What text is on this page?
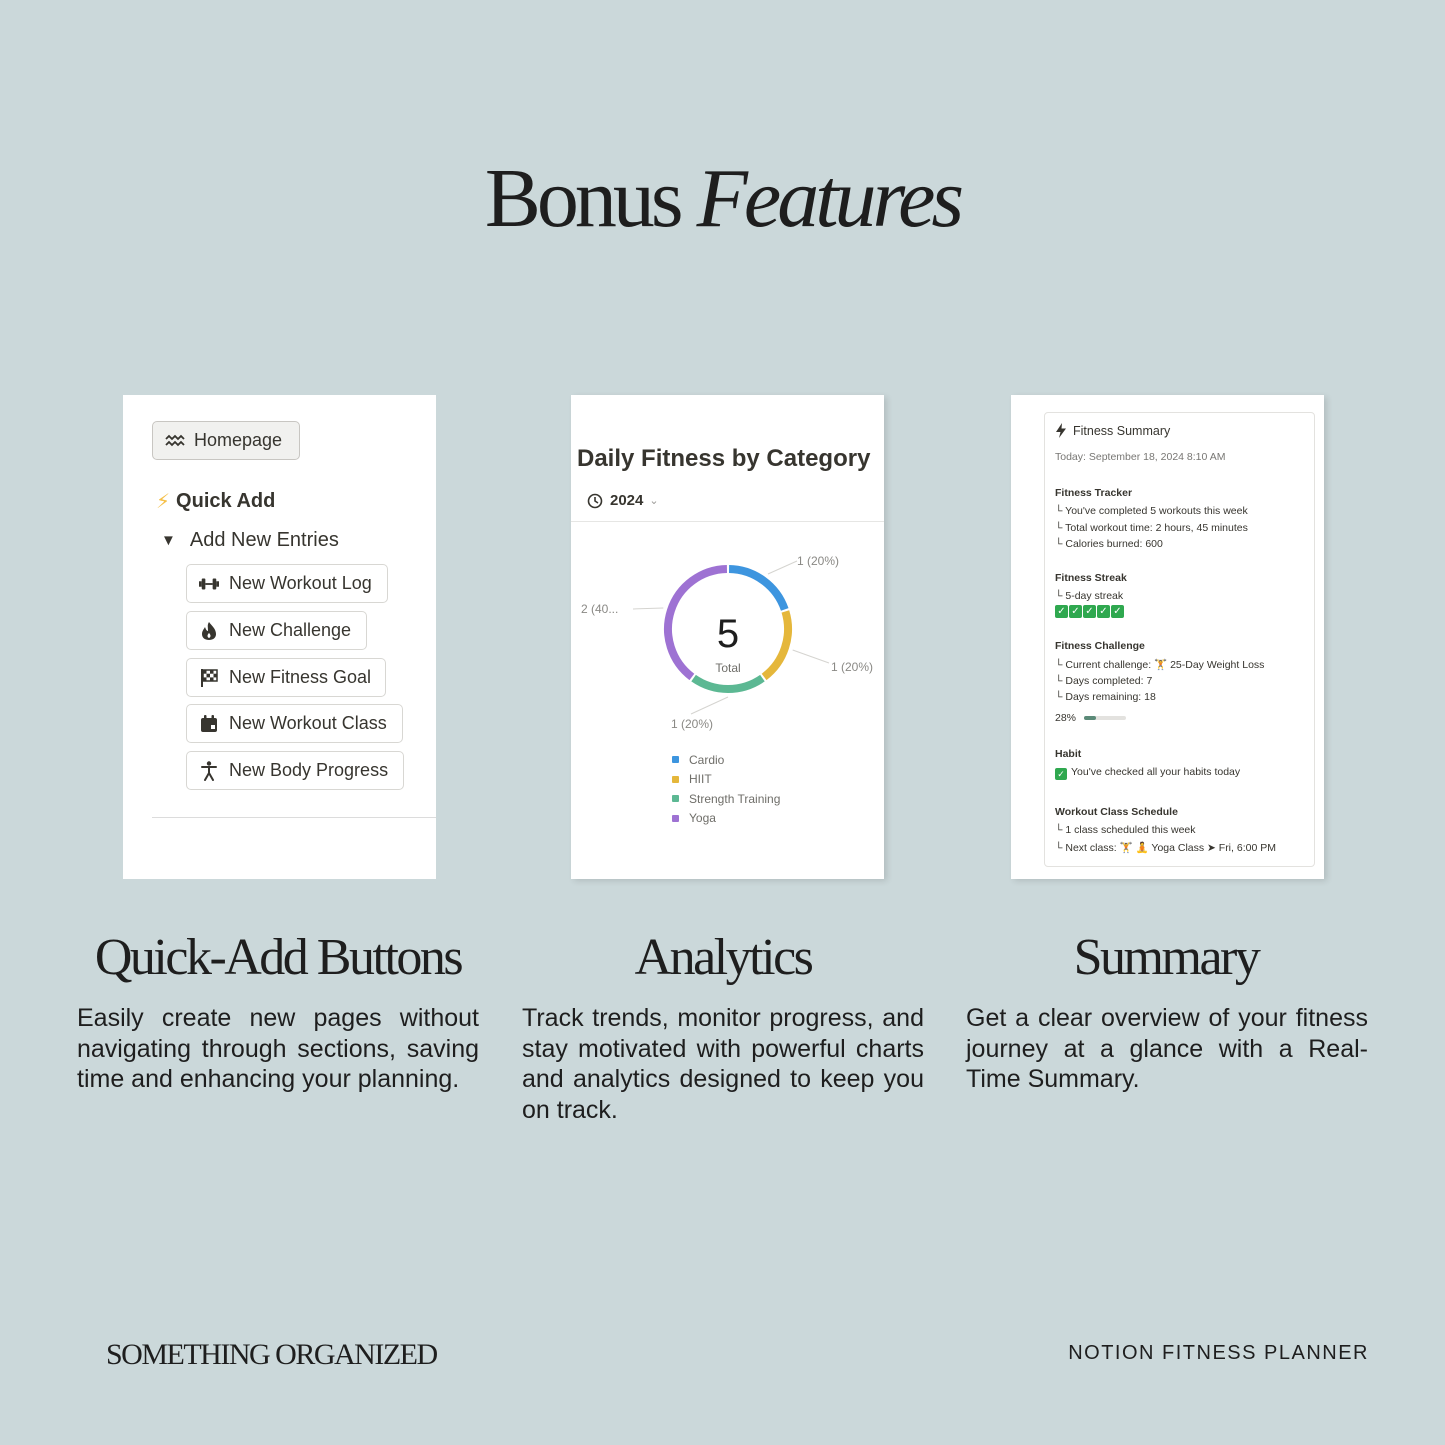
Bonus Features
Homepage
⚡ Quick Add
▼ Add New Entries
New Workout Log
New Challenge
New Fitness Goal
New Workout Class
New Body Progress
Daily Fitness by Category
2024 ⌄
5
Total
1 (20%)
1 (20%)
1 (20%)
2 (40...
Cardio
HIIT
Strength Training
Yoga
Fitness Summary
Today: September 18, 2024 8:10 AM
Fitness Tracker
└ You've completed 5 workouts this week
└ Total workout time: 2 hours, 45 minutes
└ Calories burned: 600
Fitness Streak
└ 5-day streak
✓ ✓ ✓ ✓ ✓
Fitness Challenge
└ Current challenge: 🏋 25-Day Weight Loss
└ Days completed: 7
└ Days remaining: 18
28%
Habit
✓ You've checked all your habits today
Workout Class Schedule
└ 1 class scheduled this week
└ Next class: 🏋 🧘 Yoga Class ➤ Fri, 6:00 PM
Quick-Add Buttons
Easily create new pages without navigating through sections, saving time and enhancing your planning.
Analytics
Track trends, monitor progress, and stay motivated with powerful charts and analytics designed to keep you on track.
Summary
Get a clear overview of your fitness journey at a glance with a Real-Time Summary.
SOMETHING ORGANIZED	NOTION FITNESS PLANNER
